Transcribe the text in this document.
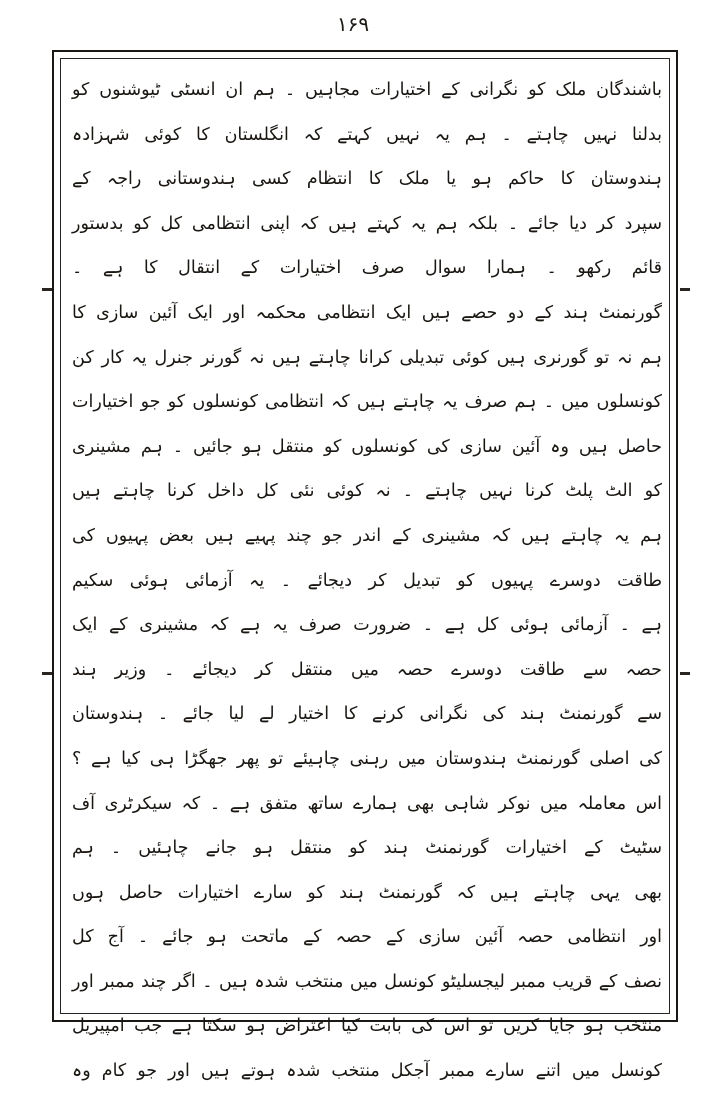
۱۶۹
باشندگان ملک کو نگرانی کے اختیارات مجاہیں ۔ ہم ان انسٹی ٹیوشنوں کو
بدلنا نہیں چاہتے ۔ ہم یہ نہیں کہتے کہ انگلستان کا کوئی شہزادہ
ہندوستان کا حاکم ہو یا ملک کا انتظام کسی ہندوستانی راجہ کے
سپرد کر دیا جائے ۔ بلکہ ہم یہ کہتے ہیں کہ اپنی انتظامی کل کو بدستور
قائم رکھو ۔ ہمارا سوال صرف اختیارات کے انتقال کا ہے ۔
گورنمنٹ ہند کے دو حصے ہیں ایک انتظامی محکمہ اور ایک آئین سازی کا
ہم نہ تو گورنری ہیں کوئی تبدیلی کرانا چاہتے ہیں نہ گورنر جنرل یہ کار کن
کونسلوں میں ۔ ہم صرف یہ چاہتے ہیں کہ انتظامی کونسلوں کو جو اختیارات
حاصل ہیں وہ آئین سازی کی کونسلوں کو منتقل ہو جائیں ۔ ہم مشینری
کو الٹ پلٹ کرنا نہیں چاہتے ۔ نہ کوئی نئی کل داخل کرنا چاہتے ہیں
ہم یہ چاہتے ہیں کہ مشینری کے اندر جو چند پہیے ہیں بعض پہیوں کی
طاقت دوسرے پہیوں کو تبدیل کر دیجائے ۔ یہ آزمائی ہوئی سکیم
ہے ۔ آزمائی ہوئی کل ہے ۔ ضرورت صرف یہ ہے کہ مشینری کے ایک
حصہ سے طاقت دوسرے حصہ میں منتقل کر دیجائے ۔ وزیر ہند
سے گورنمنٹ ہند کی نگرانی کرنے کا اختیار لے لیا جائے ۔ ہندوستان
کی اصلی گورنمنٹ ہندوستان میں رہنی چاہیئے تو پھر جھگڑا ہی کیا ہے ؟
اس معاملہ میں نوکر شاہی بھی ہمارے ساتھ متفق ہے ۔ کہ سیکرٹری آف
سٹیٹ کے اختیارات گورنمنٹ ہند کو منتقل ہو جانے چاہئیں ۔ ہم
بھی یہی چاہتے ہیں کہ گورنمنٹ ہند کو سارے اختیارات حاصل ہوں
اور انتظامی حصہ آئین سازی کے حصہ کے ماتحت ہو جائے ۔ آج کل
نصف کے قریب ممبر لیجسلیٹو کونسل میں منتخب شدہ ہیں ۔ اگر چند ممبر اور
منتخب ہو جایا کریں تو اس کی بابت کیا اعتراض ہو سکتا ہے جب امپیریل
کونسل میں اتنے سارے ممبر آجکل منتخب شدہ ہوتے ہیں اور جو کام وہ
